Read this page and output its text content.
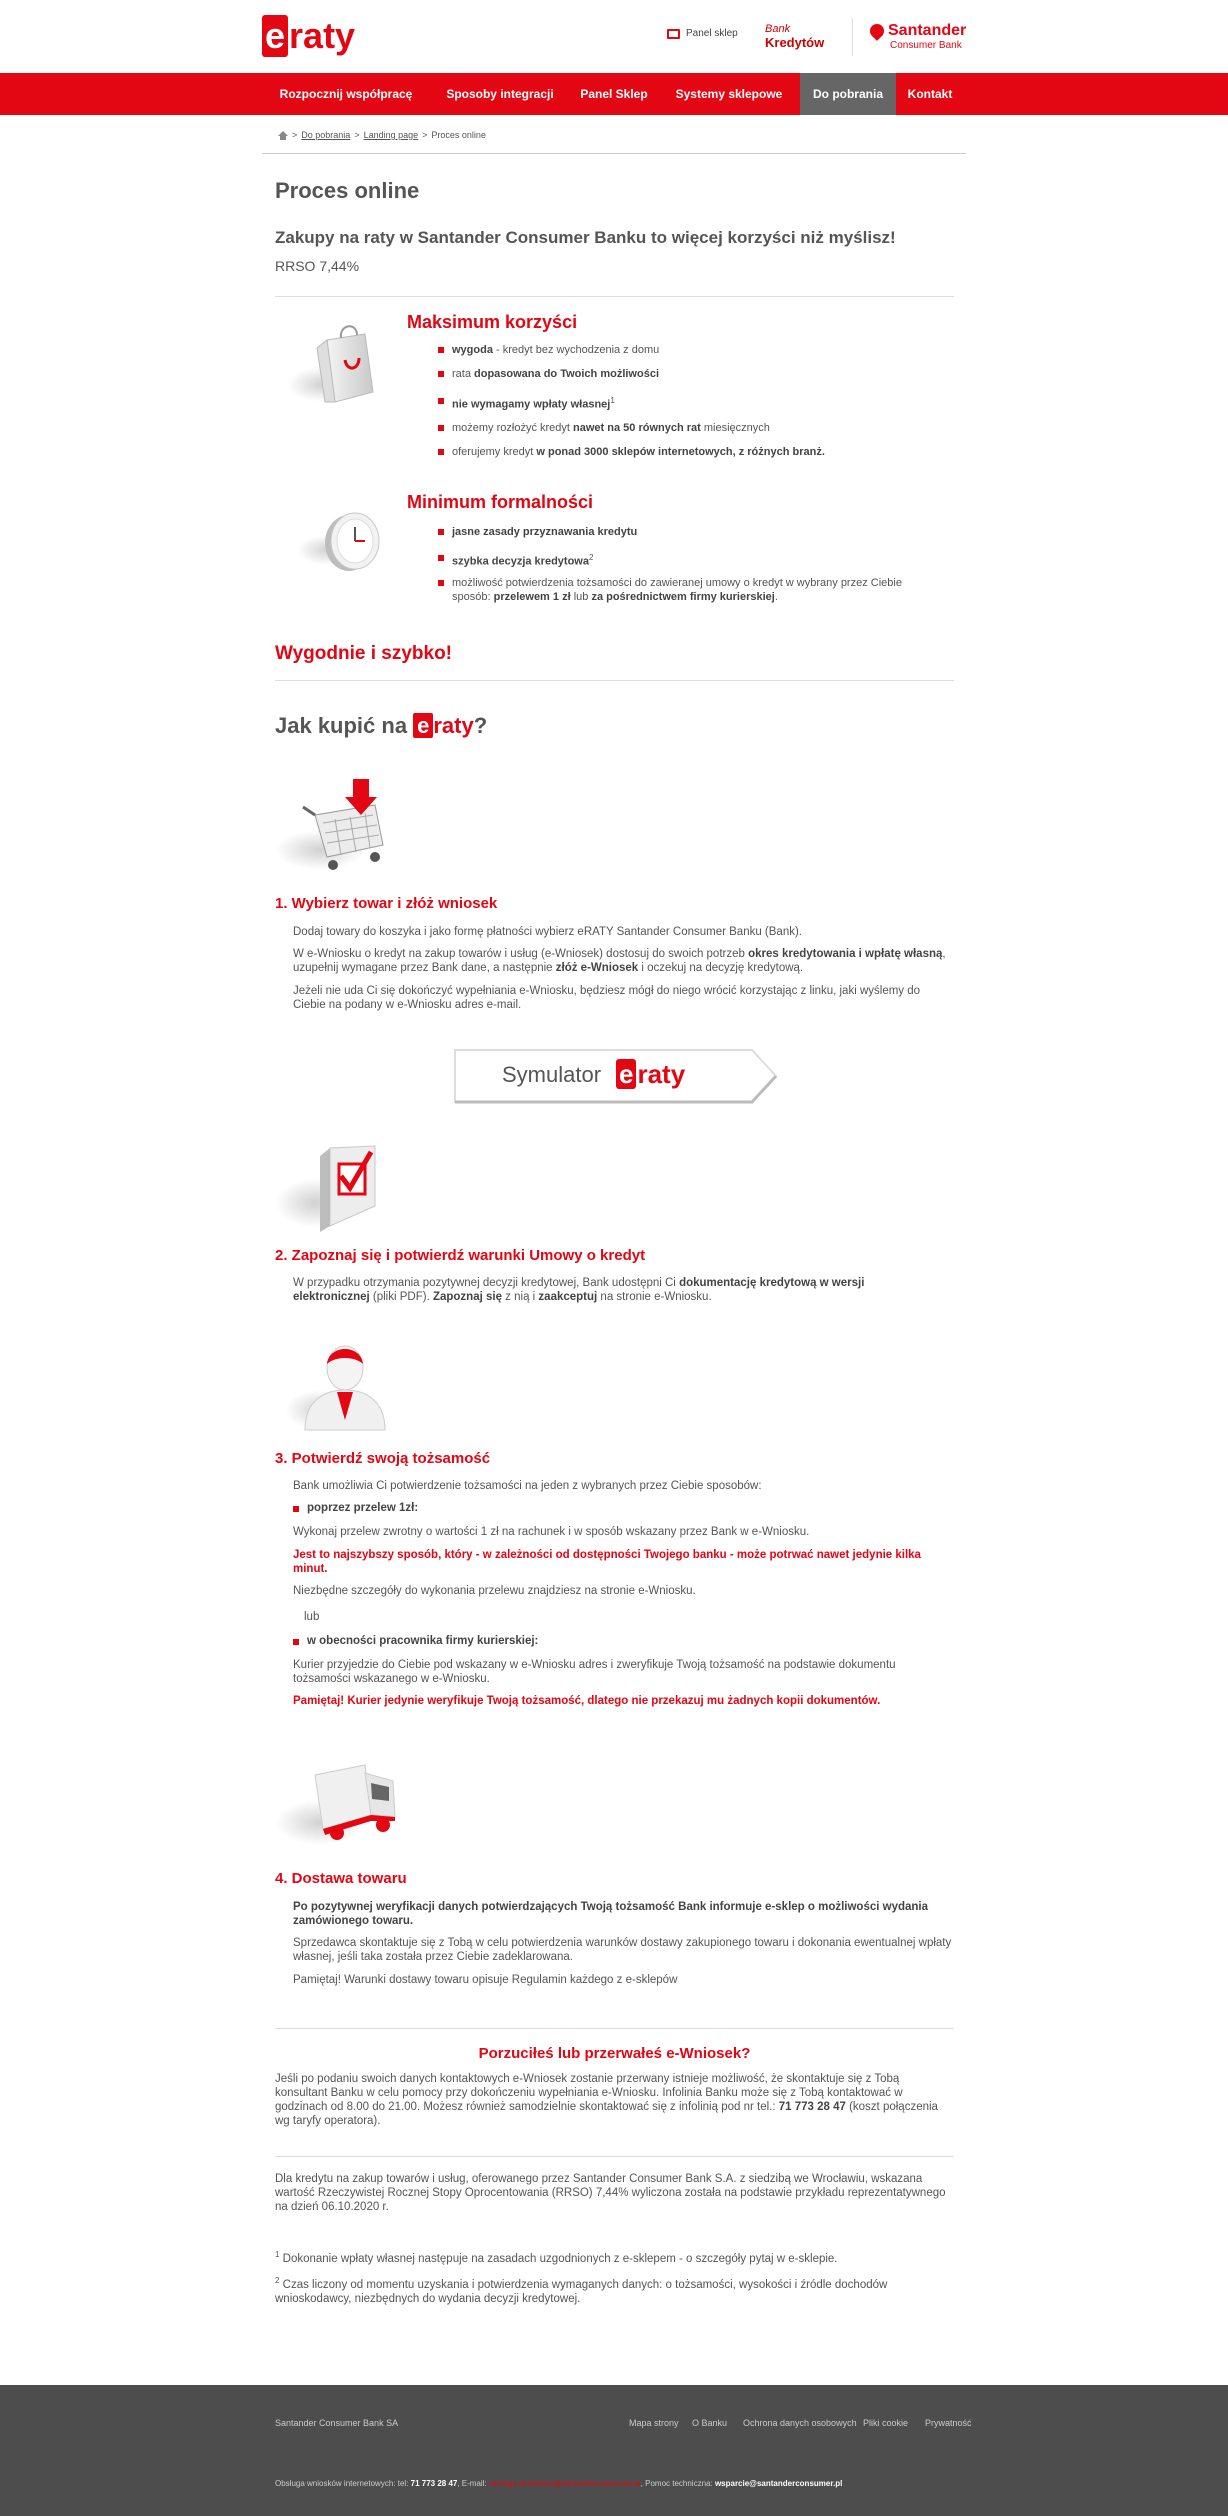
e raty	Panel sklep Bank
Kredytów
Santander
Consumer Bank
Rozpocznij współpracę	Sposoby integracji	Panel Sklep	Systemy sklepowe	Do pobrania	Kontakt
> Do pobrania > Landing page > Proces online
Proces online
Zakupy na raty w Santander Consumer Banku to więcej korzyści niż myślisz!
RRSO 7,44%
Maksimum korzyści
wygoda - kredyt bez wychodzenia z domu
rata dopasowana do Twoich możliwości
nie wymagamy wpłaty własnej$^1$
możemy rozłożyć kredyt nawet na 50 równych rat miesięcznych
oferujemy kredyt w ponad 3000 sklepów internetowych, z różnych branż.
Minimum formalności
jasne zasady przyznawania kredytu
szybka decyzja kredytowa$^2$
możliwość potwierdzenia tożsamości do zawieranej umowy o kredyt w wybrany przez Ciebie sposób: przelewem 1 zł lub za pośrednictwem firmy kurierskiej.
Wygodnie i szybko!
Jak kupić na e raty?
1. Wybierz towar i złóż wniosek
Dodaj towary do koszyka i jako formę płatności wybierz eRATY Santander Consumer Banku (Bank).
W e-Wniosku o kredyt na zakup towarów i usług (e-Wniosek) dostosuj do swoich potrzeb okres kredytowania i wpłatę własną, uzupełnij wymagane przez Bank dane, a następnie złóż e-Wniosek i oczekuj na decyzję kredytową.
Jeżeli nie uda Ci się dokończyć wypełniania e-Wniosku, będziesz mógł do niego wrócić korzystając z linku, jaki wyślemy do Ciebie na podany w e-Wniosku adres e-mail.
Symulator e raty
2. Zapoznaj się i potwierdź warunki Umowy o kredyt
W przypadku otrzymania pozytywnej decyzji kredytowej, Bank udostępni Ci dokumentację kredytową w wersji elektronicznej (pliki PDF). Zapoznaj się z nią i zaakceptuj na stronie e-Wniosku.
3. Potwierdź swoją tożsamość
Bank umożliwia Ci potwierdzenie tożsamości na jeden z wybranych przez Ciebie sposobów:
poprzez przelew 1zł:
Wykonaj przelew zwrotny o wartości 1 zł na rachunek i w sposób wskazany przez Bank w e-Wniosku.
Jest to najszybszy sposób, który - w zależności od dostępności Twojego banku - może potrwać nawet jedynie kilka minut.
Niezbędne szczegóły do wykonania przelewu znajdziesz na stronie e-Wniosku.
lub
w obecności pracownika firmy kurierskiej:
Kurier przyjedzie do Ciebie pod wskazany w e-Wniosku adres i zweryfikuje Twoją tożsamość na podstawie dokumentu tożsamości wskazanego w e-Wniosku.
Pamiętaj! Kurier jedynie weryfikuje Twoją tożsamość, dlatego nie przekazuj mu żadnych kopii dokumentów.
4. Dostawa towaru
Po pozytywnej weryfikacji danych potwierdzających Twoją tożsamość Bank informuje e-sklep o możliwości wydania zamówionego towaru.
Sprzedawca skontaktuje się z Tobą w celu potwierdzenia warunków dostawy zakupionego towaru i dokonania ewentualnej wpłaty własnej, jeśli taka została przez Ciebie zadeklarowana.
Pamiętaj! Warunki dostawy towaru opisuje Regulamin każdego z e-sklepów
Porzuciłeś lub przerwałeś e-Wniosek?
Jeśli po podaniu swoich danych kontaktowych e-Wniosek zostanie przerwany istnieje możliwość, że skontaktuje się z Tobą konsultant Banku w celu pomocy przy dokończeniu wypełniania e-Wniosku. Infolinia Banku może się z Tobą kontaktować w godzinach od 8.00 do 21.00. Możesz również samodzielnie skontaktować się z infolinią pod nr tel.: 71 773 28 47 (koszt połączenia wg taryfy operatora).
Dla kredytu na zakup towarów i usług, oferowanego przez Santander Consumer Bank S.A. z siedzibą we Wrocławiu, wskazana wartość Rzeczywistej Rocznej Stopy Oprocentowania (RRSO) 7,44% wyliczona została na podstawie przykładu reprezentatywnego na dzień 06.10.2020 r.
$^1$ Dokonanie wpłaty własnej następuje na zasadach uzgodnionych z e-sklepem - o szczegóły pytaj w e-sklepie.
$^2$ Czas liczony od momentu uzyskania i potwierdzenia wymaganych danych: o tożsamości, wysokości i źródle dochodów wnioskodawcy, niezbędnych do wydania decyzji kredytowej.
Santander Consumer Bank SA	Mapa strony O Banku Ochrona danych osobowych Pliki cookie Prywatność
Obsługa wniosków internetowych: tel: 71 773 28 47, E-mail: obsluga.wnioskow@santanderconsumer.pl, Pomoc techniczna: wsparcie@santanderconsumer.pl
